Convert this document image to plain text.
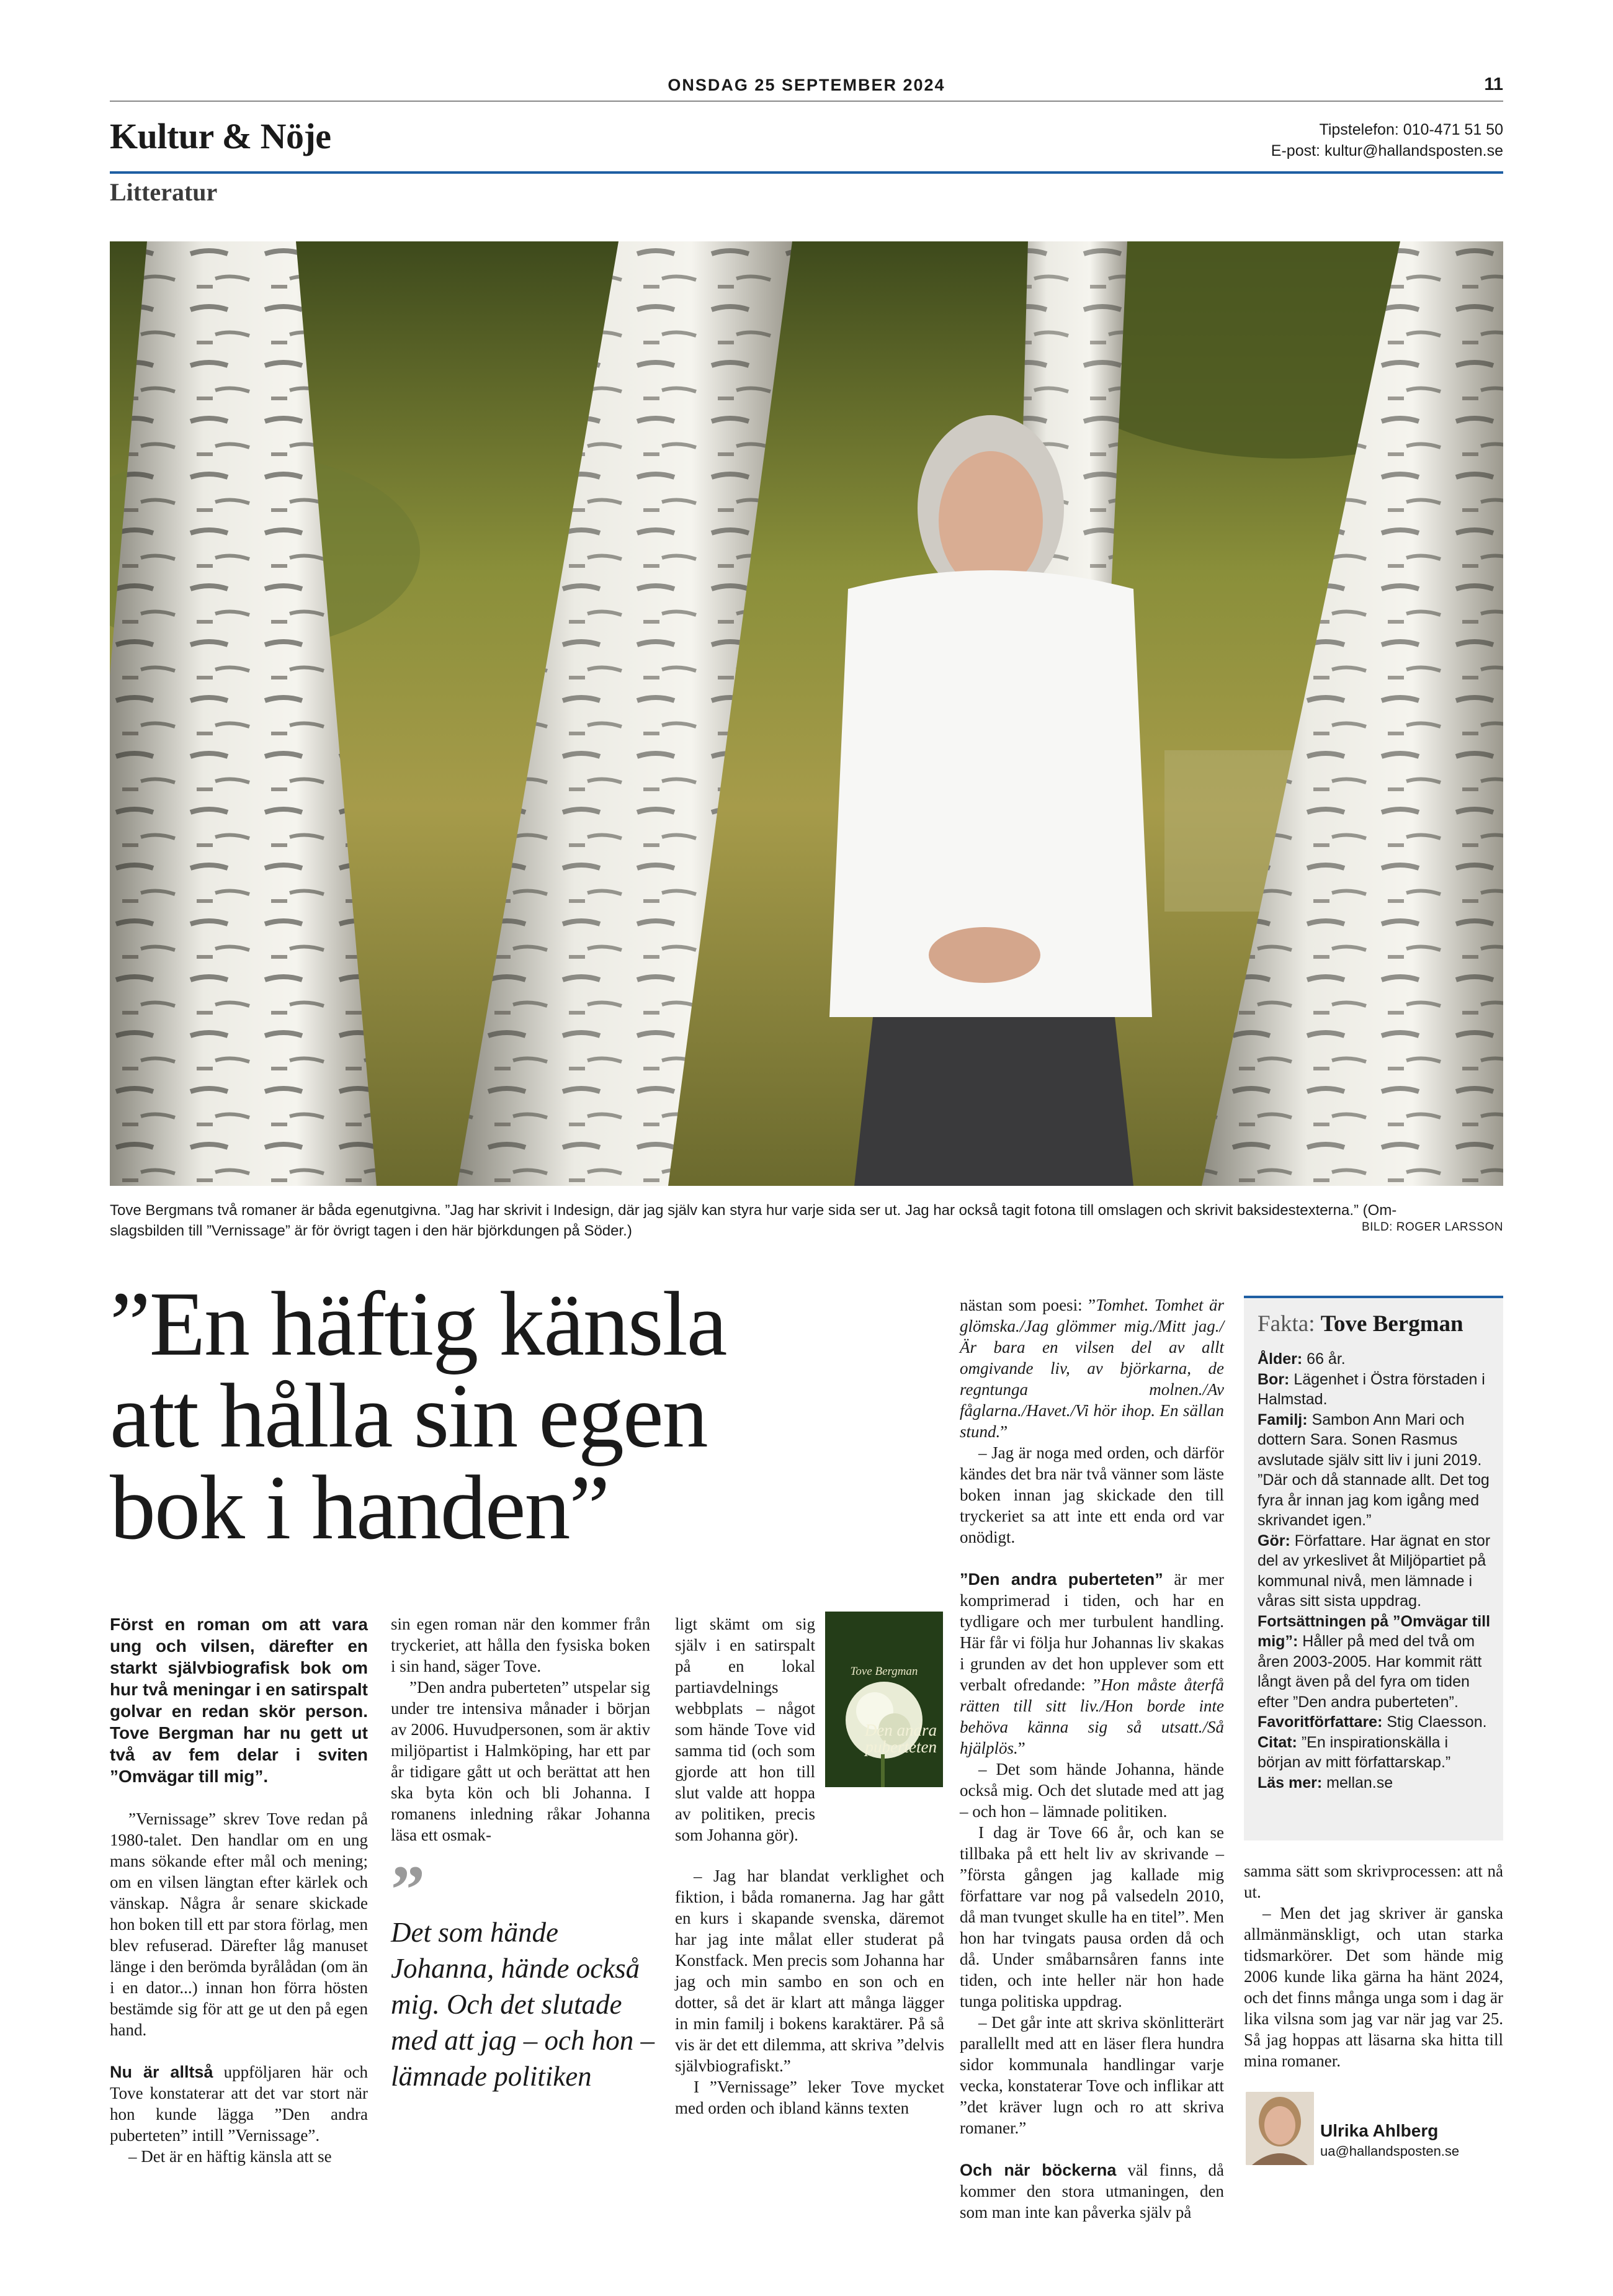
ONSDAG 25 SEPTEMBER 2024	11
Kultur & Nöje	Tipstelefon: 010-471 51 50
E-post: kultur@hallandsposten.se
Litteratur
Tove Bergmans två romaner är båda egenutgivna. ”Jag har skrivit i Indesign, där jag själv kan styra hur varje sida ser ut. Jag har också tagit fotona till omslagen och skrivit baksidestexterna.” (Om-
slagsbilden till ”Vernissage” är för övrigt tagen i den här björkdungen på Söder.)	BILD: ROGER LARSSON
”En häftig känsla
att hålla sin egen
bok i handen”

Först en roman om att vara ung och vilsen, därefter en starkt självbiografisk bok om hur två meningar i en satirspalt golvar en redan skör person. Tove Bergman har nu gett ut två av fem delar i sviten ”Omvägar till mig”.

”Vernissage” skrev Tove redan på 1980-talet. Den handlar om en ung mans sökande efter mål och mening; om en vilsen längtan efter kärlek och vänskap. Några år senare skickade hon boken till ett par stora förlag, men blev refuserad. Därefter låg manuset länge i den berömda byrålådan (om än i en dator...) innan hon förra hösten bestämde sig för att ge ut den på egen hand.

Nu är alltså uppföljaren här och Tove konstaterar att det var stort när hon kunde lägga ”Den andra puberteten” intill ”Vernissage”.

– Det är en häftig känsla att se

sin egen roman när den kommer från tryckeriet, att hålla den fysiska boken i sin hand, säger Tove.

”Den andra puberteten” utspelar sig under tre intensiva månader i början av 2006. Huvudpersonen, som är aktiv miljöpartist i Halmköping, har ett par år tidigare gått ut och berättat att hen ska byta kön och bli Johanna. I romanens inledning råkar Johanna läsa ett osmak-

”
Det som hände Johanna, hände också mig. Och det slutade med att jag – och hon – lämnade politiken
Tove Bergman
Den andra puberteten

ligt skämt om sig själv i en satirspalt på en lokal partiavdelnings webbplats – något som hände Tove vid samma tid (och som gjorde att hon till slut valde att hoppa av politiken, precis som Johanna gör).

– Jag har blandat verklighet och fiktion, i båda romanerna. Jag har gått en kurs i skapande svenska, däremot har jag inte målat eller studerat på Konstfack. Men precis som Johanna har jag och min sambo en son och en dotter, så det är klart att många lägger in min familj i bokens karaktärer. På så vis är det ett dilemma, att skriva ”delvis självbiografiskt.”

I ”Vernissage” leker Tove mycket med orden och ibland känns texten

nästan som poesi: ”Tomhet. Tomhet är glömska./Jag glömmer mig./Mitt jag./Är bara en vilsen del av allt omgivande liv, av björkarna, de regntunga molnen./Av fåglarna./Havet./Vi hör ihop. En sällan stund.”

– Jag är noga med orden, och därför kändes det bra när två vänner som läste boken innan jag skickade den till tryckeriet sa att inte ett enda ord var onödigt.

”Den andra puberteten” är mer komprimerad i tiden, och har en tydligare och mer turbulent handling. Här får vi följa hur Johannas liv skakas i grunden av det hon upplever som ett verbalt ofredande: ”Hon måste återfå rätten till sitt liv./Hon borde inte behöva känna sig så utsatt./Så hjälplös.”

– Det som hände Johanna, hände också mig. Och det slutade med att jag – och hon – lämnade politiken.

I dag är Tove 66 år, och kan se tillbaka på ett helt liv av skrivande – ”första gången jag kallade mig författare var nog på valsedeln 2010, då man tvunget skulle ha en titel”. Men hon har tvingats pausa orden då och då. Under småbarnsåren fanns inte tiden, och inte heller när hon hade tunga politiska uppdrag.

– Det går inte att skriva skönlitterärt parallellt med att en läser flera hundra sidor kommunala handlingar varje vecka, konstaterar Tove och inflikar att ”det kräver lugn och ro att skriva romaner.”

Och när böckerna väl finns, då kommer den stora utmaningen, den som man inte kan påverka själv på

Fakta: Tove Bergman
Ålder: 66 år.
Bor: Lägenhet i Östra förstaden i Halmstad.
Familj: Sambon Ann Mari och dottern Sara. Sonen Rasmus avslutade själv sitt liv i juni 2019. ”Där och då stannade allt. Det tog fyra år innan jag kom igång med skrivandet igen.”
Gör: Författare. Har ägnat en stor del av yrkeslivet åt Miljöpartiet på kommunal nivå, men lämnade i våras sitt sista uppdrag.
Fortsättningen på ”Omvägar till mig”: Håller på med del två om åren 2003-2005. Har kommit rätt långt även på del fyra om tiden efter ”Den andra puberteten”.
Favoritförfattare: Stig Claesson.
Citat: ”En inspirationskälla i början av mitt författarskap.”
Läs mer: mellan.se

samma sätt som skrivprocessen: att nå ut.

– Men det jag skriver är ganska allmänmänskligt, och utan starka tidsmarkörer. Det som hände mig 2006 kunde lika gärna ha hänt 2024, och det finns många unga som i dag är lika vilsna som jag var när jag var 25. Så jag hoppas att läsarna ska hitta till mina romaner.

Ulrika Ahlberg
ua@hallandsposten.se
